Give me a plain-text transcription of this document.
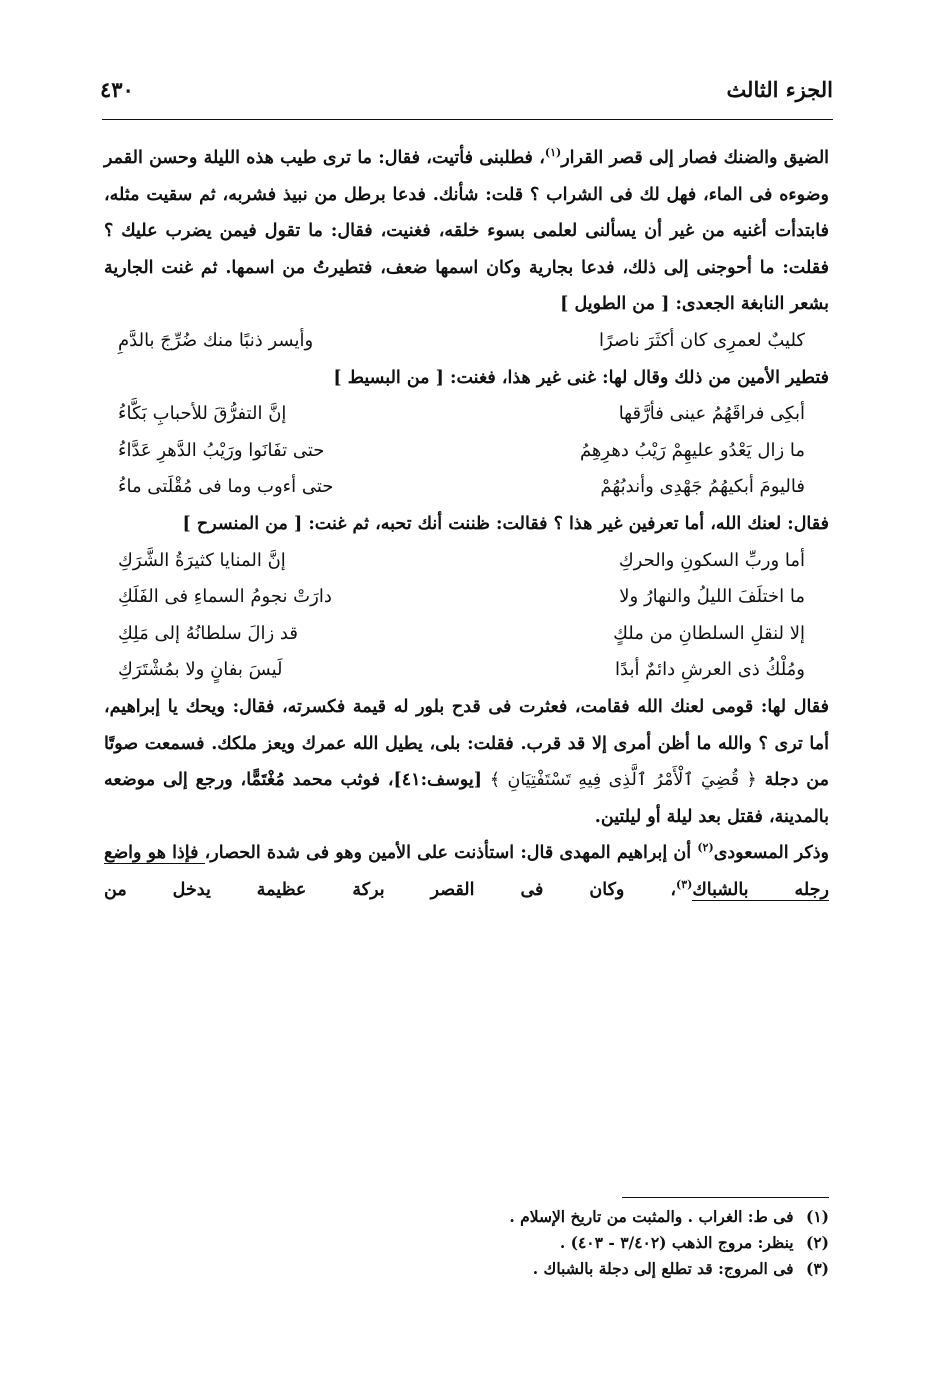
الجزء الثالث
٤٣٠

الضيق والضنك فصار إلى قصر القرار$^{(١)}$، فطلبنى فأتيت، فقال: ما ترى طيب هذه الليلة وحسن القمر وضوءه فى الماء، فهل لك فى الشراب ؟ قلت: شأنك. فدعا برطل من نبيذ فشربه، ثم سقيت مثله، فابتدأت أغنيه من غير أن يسألنى لعلمى بسوء خلقه، فغنيت، فقال: ما تقول فيمن يضرب عليك ؟ فقلت: ما أحوجنى إلى ذلك، فدعا بجارية وكان اسمها ضعف، فتطيرتُ من اسمها. ثم غنت الجارية بشعر النابغة الجعدى: [ من الطويل ]

كليبٌ لعمرِى كان أكثَرَ ناصرًا
وأيسر ذنبًا منك ضُرِّجَ بالدَّمِ

فتطير الأمين من ذلك وقال لها: غنى غير هذا، فغنت: [ من البسيط ]

أبكِى فراقَهُمُ عينى فأرَّقها
إنَّ التفرُّقَ للأحبابِ بَكَّاءُ
ما زال يَعْدُو عليهِمْ رَيْبُ دهرِهِمُ
حتى تفَانَوا ورَيْبُ الدَّهرِ عَدَّاءُ
فاليومَ أبكيهُمُ جَهْدِى وأندبُهُمْ
حتى أءوب وما فى مُقْلَتى ماءُ

فقال: لعنك الله، أما تعرفين غير هذا ؟ فقالت: ظننت أنك تحبه، ثم غنت: [ من المنسرح ]

أما وربِّ السكونِ والحركِ
إنَّ المنايا كثيرَةُ الشَّرَكِ
ما اختلَفَ الليلُ والنهارُ ولا
دارَتْ نجومُ السماءِ فى الفَلَكِ
إلا لنقلِ السلطانِ من ملكٍ
قد زالَ سلطانُهُ إلى مَلِكِ
ومُلْكُ ذى العرشِ دائمٌ أبدًا
لَيسَ بفانٍ ولا بمُشْتَرَكِ

فقال لها: قومى لعنك الله فقامت، فعثرت فى قدح بلور له قيمة فكسرته، فقال: ويحك يا إبراهيم، أما ترى ؟ والله ما أظن أمرى إلا قد قرب. فقلت: بلى، يطيل الله عمرك ويعز ملكك. فسمعت صوتًا من دجلة ﴿ قُضِيَ ٱلْأَمْرُ ٱلَّذِى فِيهِ تَسْتَفْتِيَانِ ﴾ [يوسف:٤١]، فوثب محمد مُغْتَمًّا، ورجع إلى موضعه بالمدينة، فقتل بعد ليلة أو ليلتين.

وذكر المسعودى$^{(٢)}$ أن إبراهيم المهدى قال: استأذنت على الأمين وهو فى شدة الحصار، فإذا هو واضع رجله بالشباك$^{(٣)}$، وكان فى القصر بركة عظيمة يدخل من

(١) فى ط: الغراب . والمثبت من تاريخ الإسلام .
(٢) ينظر: مروج الذهب (٣/٤٠٢ - ٤٠٣) .
(٣) فى المروج: قد تطلع إلى دجلة بالشباك .
